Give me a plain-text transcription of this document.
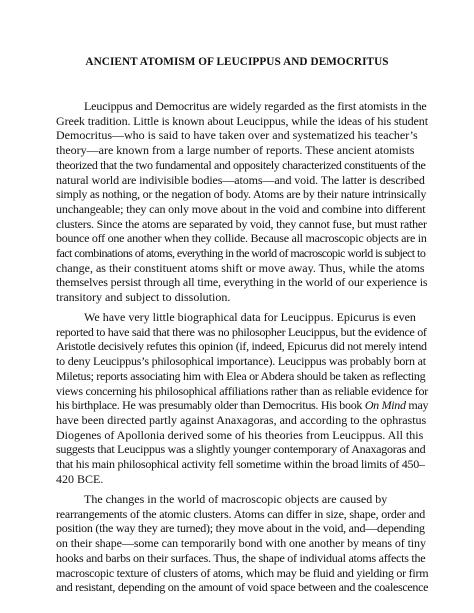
ANCIENT ATOMISM OF LEUCIPPUS AND DEMOCRITUS
Leucippus and Democritus are widely regarded as the first atomists in the
Greek tradition. Little is known about Leucippus, while the ideas of his student
Democritus—who is said to have taken over and systematized his teacher’s
theory—are known from a large number of reports. These ancient atomists
theorized that the two fundamental and oppositely characterized constituents of the
natural world are indivisible bodies—atoms—and void. The latter is described
simply as nothing, or the negation of body. Atoms are by their nature intrinsically
unchangeable; they can only move about in the void and combine into different
clusters. Since the atoms are separated by void, they cannot fuse, but must rather
bounce off one another when they collide. Because all macroscopic objects are in
fact combinations of atoms, everything in the world of macroscopic world is subject to
change, as their constituent atoms shift or move away. Thus, while the atoms
themselves persist through all time, everything in the world of our experience is
transitory and subject to dissolution.
We have very little biographical data for Leucippus. Epicurus is even
reported to have said that there was no philosopher Leucippus, but the evidence of
Aristotle decisively refutes this opinion (if, indeed, Epicurus did not merely intend
to deny Leucippus’s philosophical importance). Leucippus was probably born at
Miletus; reports associating him with Elea or Abdera should be taken as reflecting
views concerning his philosophical affiliations rather than as reliable evidence for
his birthplace. He was presumably older than Democritus. His book On Mind may
have been directed partly against Anaxagoras, and according to the ophrastus
Diogenes of Apollonia derived some of his theories from Leucippus. All this
suggests that Leucippus was a slightly younger contemporary of Anaxagoras and
that his main philosophical activity fell sometime within the broad limits of 450–
420 BCE.
The changes in the world of macroscopic objects are caused by
rearrangements of the atomic clusters. Atoms can differ in size, shape, order and
position (the way they are turned); they move about in the void, and—depending
on their shape—some can temporarily bond with one another by means of tiny
hooks and barbs on their surfaces. Thus, the shape of individual atoms affects the
macroscopic texture of clusters of atoms, which may be fluid and yielding or firm
and resistant, depending on the amount of void space between and the coalescence
